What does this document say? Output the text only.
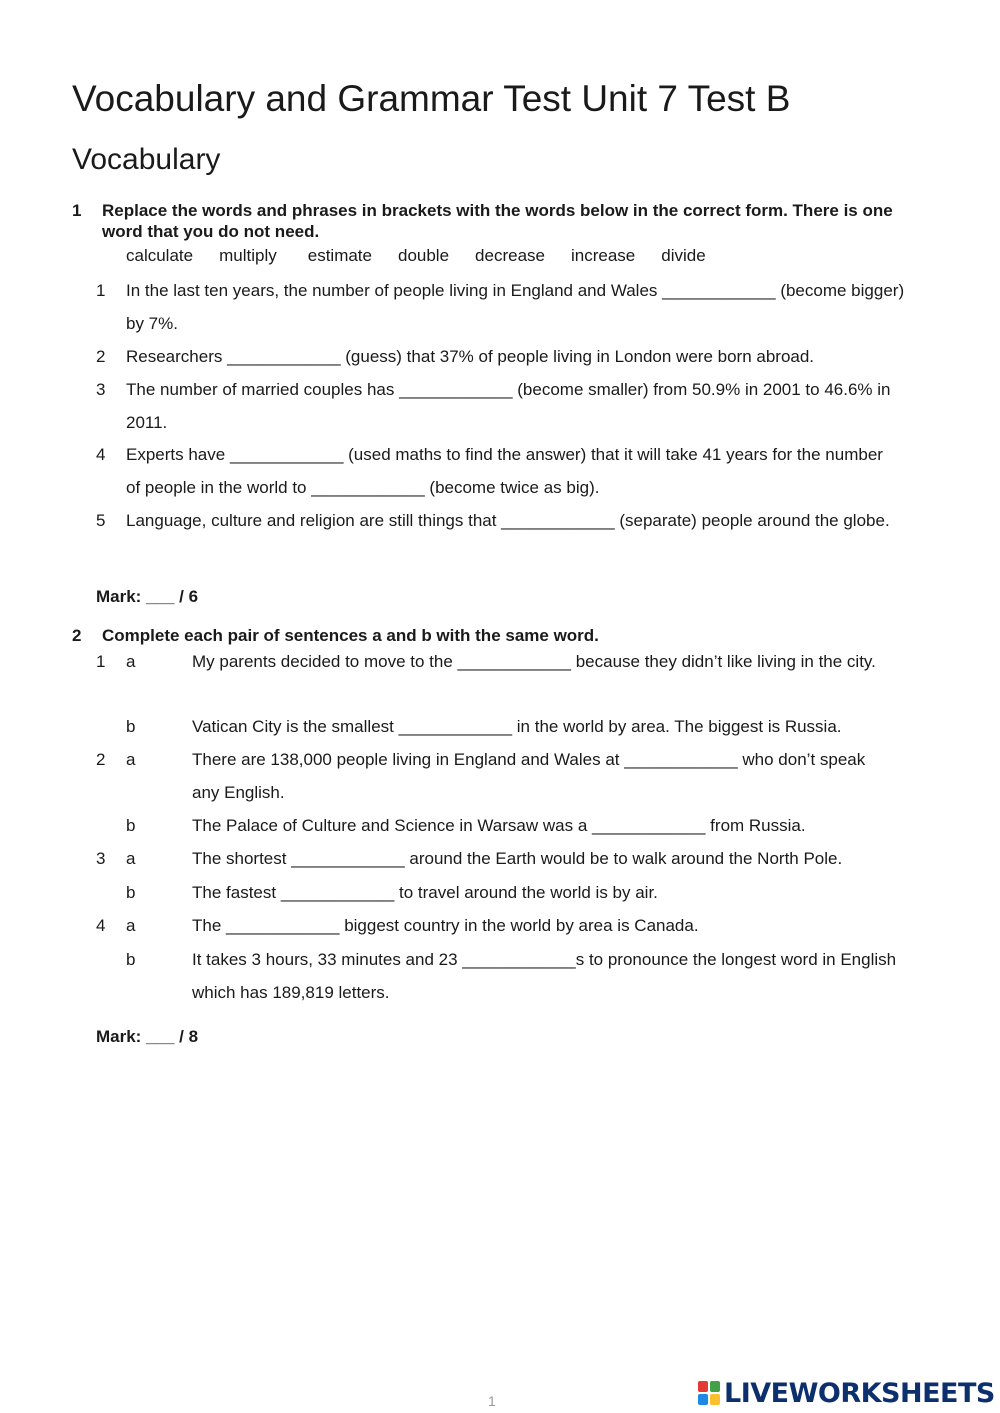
Vocabulary and Grammar Test Unit 7 Test B
Vocabulary
1 Replace the words and phrases in brackets with the words below in the correct form. There is one word that you do not need.
calculate multiply estimate double decrease increase divide
1 In the last ten years, the number of people living in England and Wales ____________ (become bigger) by 7%.
2 Researchers ____________ (guess) that 37% of people living in London were born abroad.
3 The number of married couples has ____________ (become smaller) from 50.9% in 2001 to 46.6% in 2011.
4 Experts have ____________ (used maths to find the answer) that it will take 41 years for the number of people in the world to ____________ (become twice as big).
5 Language, culture and religion are still things that ____________ (separate) people around the globe.
Mark: ___ / 6
2 Complete each pair of sentences a and b with the same word.
1 a	My parents decided to move to the ____________ because they didn’t like living in the city.
b	Vatican City is the smallest ____________ in the world by area. The biggest is Russia.
2 a	There are 138,000 people living in England and Wales at ____________ who don’t speak any English.
b	The Palace of Culture and Science in Warsaw was a ____________ from Russia.
3 a	The shortest ____________ around the Earth would be to walk around the North Pole.
b	The fastest ____________ to travel around the world is by air.
4 a	The ____________ biggest country in the world by area is Canada.
b	It takes 3 hours, 33 minutes and 23 ____________s to pronounce the longest word in English which has 189,819 letters.
Mark: ___ / 8
1	LIVEWORKSHEETS
